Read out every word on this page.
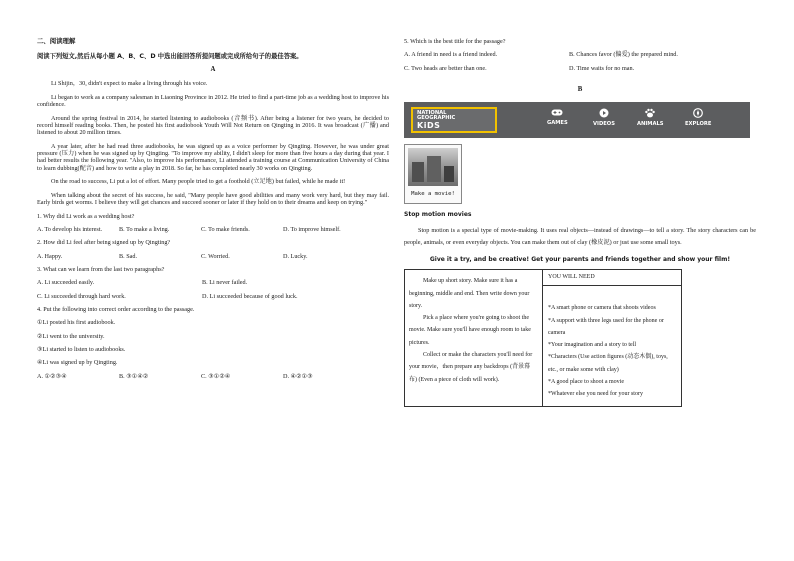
二、阅读理解
阅读下列短文,然后从每小题 A、B、C、D 中选出能回答所提问题或完成所给句子的最佳答案。
A
Li Shijin，30, didn't expect to make a living through his voice.
Li began to work as a company salesman in Liaoning Province in 2012. He tried to find a part-time job as a wedding host to improve his confidence.
Around the spring festival in 2014, he started listening to audiobooks (音频书). After being a listener for two years, he decided to record himself reading books. Then, he posted his first audiobook Youth Will Not Return on Qingting in 2016. It was broadcast (广播) and listened to about 20 million times.
A year later, after he had read three audiobooks, he was signed up as a voice performer by Qingting. However, he was under great pressure (压力) when he was signed up by Qingting. "To improve my ability, I didn't sleep for more than five hours a day during that year. I had better results the following year. "Also, to improve his performance, Li attended a training course at Communication University of China to learn dubbing(配音) and how to write a play in 2018. So far, he has completed nearly 30 works on Qingting.
On the road to success, Li put a lot of effort. Many people tried to get a foothold (立足地) but failed, while he made it!
When talking about the secret of his success, he said, "Many people have good abilities and many work very hard, but they may fail. Early birds get worms. I believe they will get chances and succeed sooner or later if they hold on to their dreams and keep on trying."
1. Why did Li work as a wedding host?
A. To develop his interest.	B. To make a living.	C. To make friends.	D. To improve himself.
2. How did Li feel after being signed up by Qingting?
A. Happy.	B. Sad.	C. Worried.	D. Lucky.
3. What can we learn from the last two paragraphs?
A. Li succeeded easily.	B. Li never failed.
C. Li succeeded through hard work.	D. Li succeeded because of good luck.
4. Put the following into correct order according to the passage.
①Li posted his first audiobook.
②Li went to the university.
③Li started to listen to audiobooks.
④Li was signed up by Qingting.
A. ①②③④	B. ③①④②	C. ③①②④	D. ④②①③
5. Which is the best title for the passage?
A. A friend in need is a friend indeed.	B. Chances favor (偏爱) the prepared mind.
C. Two heads are better than one.	D. Time waits for no man.
B
NATIONAL
GEOGRAPHIC
KiDS	GAMES	VIDEOS	ANIMALS	EXPLORE
Make a movie!
Stop motion movies
Stop motion is a special type of movie-making. It uses real objects—instead of drawings—to tell a story. The story characters can be people, animals, or even everyday objects. You can make them out of clay (橡皮泥) or just use some small toys.
Give it a try, and be creative! Get your parents and friends together and show your film!

Make up short story. Make sure it has a beginning, middle and end. Then write down your story.

Pick a place where you're going to shoot the movie. Make sure you'll have enough room to take pictures.

Collect or make the characters you'll need for your movie，then prepare any backdrops (背景幕布) (Even a piece of cloth will work).

YOU WILL NEED
*A smart phone or camera that shoots videos
*A support with three legs used for the phone or camera
*Your imagination and a story to tell
*Characters (Use action figures (动态木偶), toys, etc., or make some with clay)
*A good place to shoot a movie
*Whatever else you need for your story
